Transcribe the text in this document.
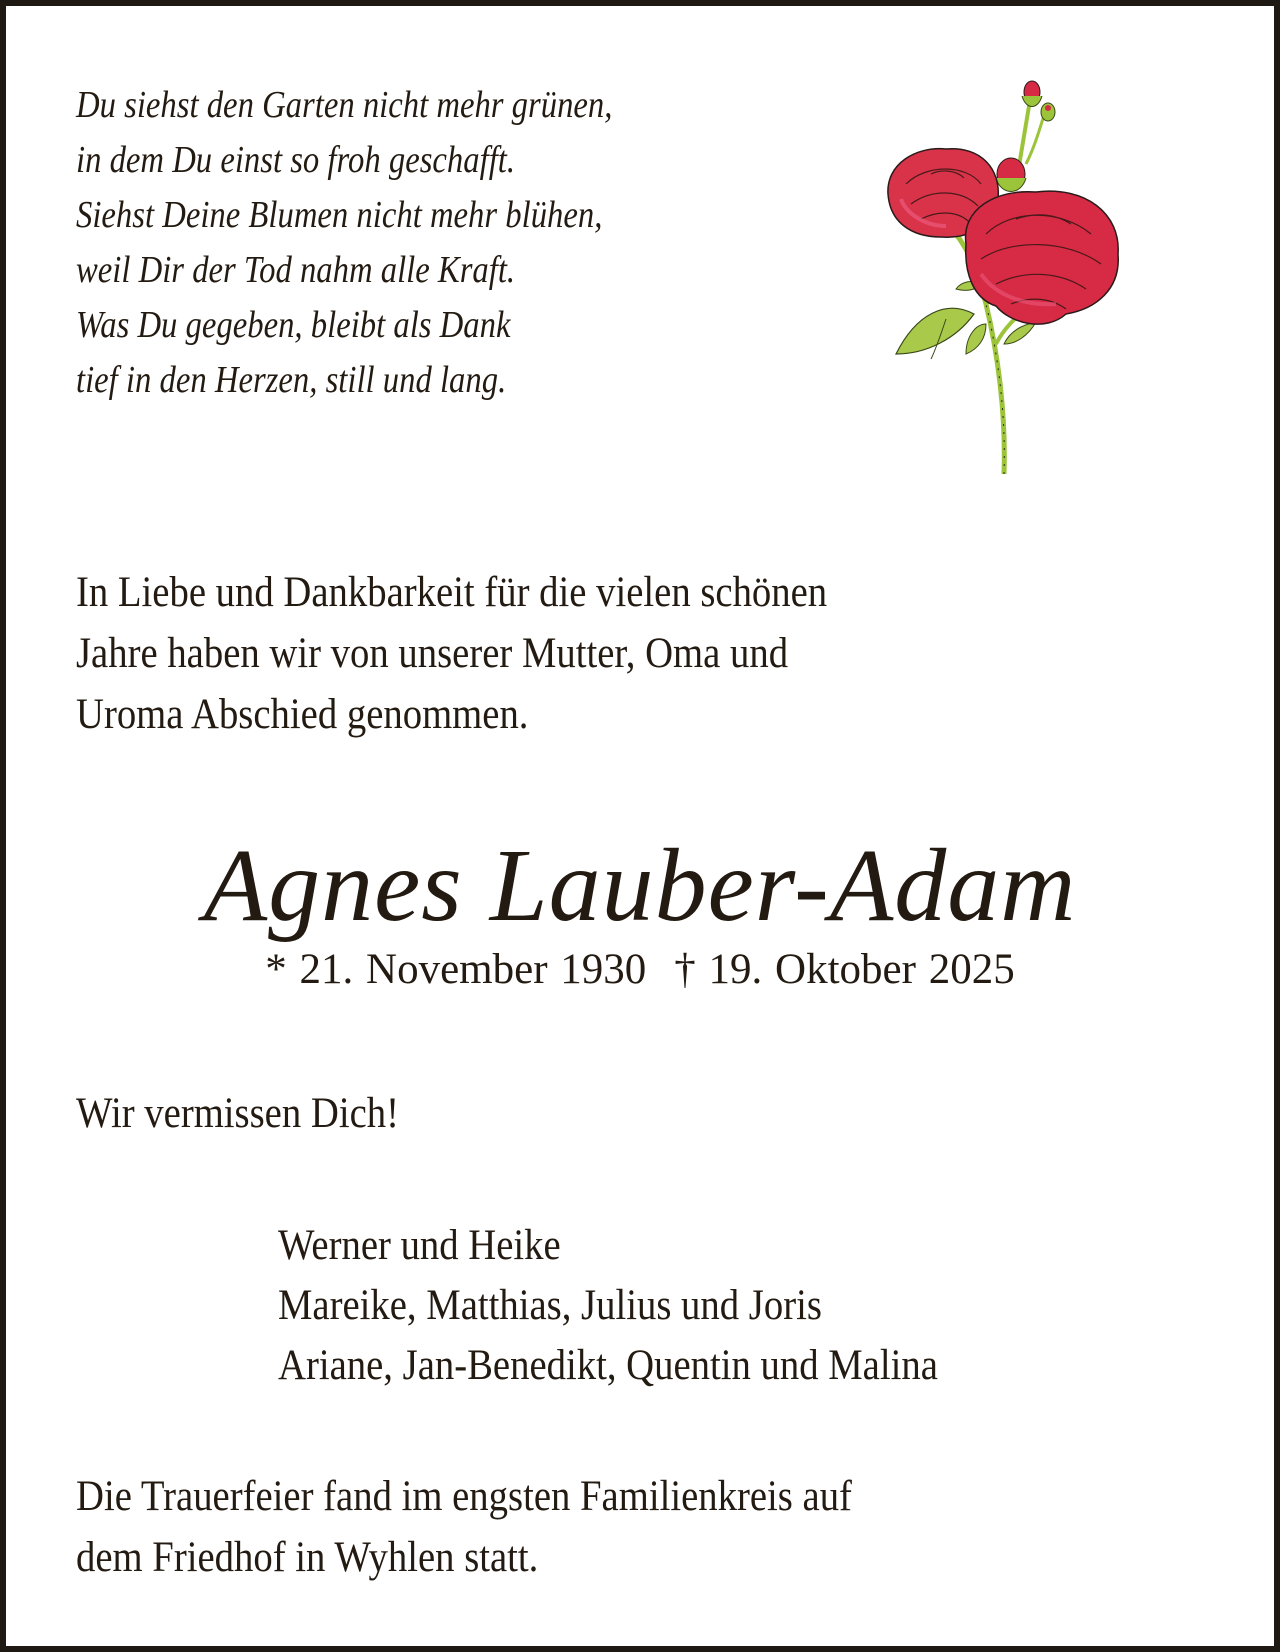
Du siehst den Garten nicht mehr grünen,
in dem Du einst so froh geschafft.
Siehst Deine Blumen nicht mehr blühen,
weil Dir der Tod nahm alle Kraft.
Was Du gegeben, bleibt als Dank
tief in den Herzen, still und lang.
In Liebe und Dankbarkeit für die vielen schönen
Jahre haben wir von unserer Mutter, Oma und
Uroma Abschied genommen.
Agnes Lauber-Adam
* 21. November 1930 † 19. Oktober 2025
Wir vermissen Dich!
Werner und Heike
Mareike, Matthias, Julius und Joris
Ariane, Jan-Benedikt, Quentin und Malina
Die Trauerfeier fand im engsten Familienkreis auf
dem Friedhof in Wyhlen statt.
